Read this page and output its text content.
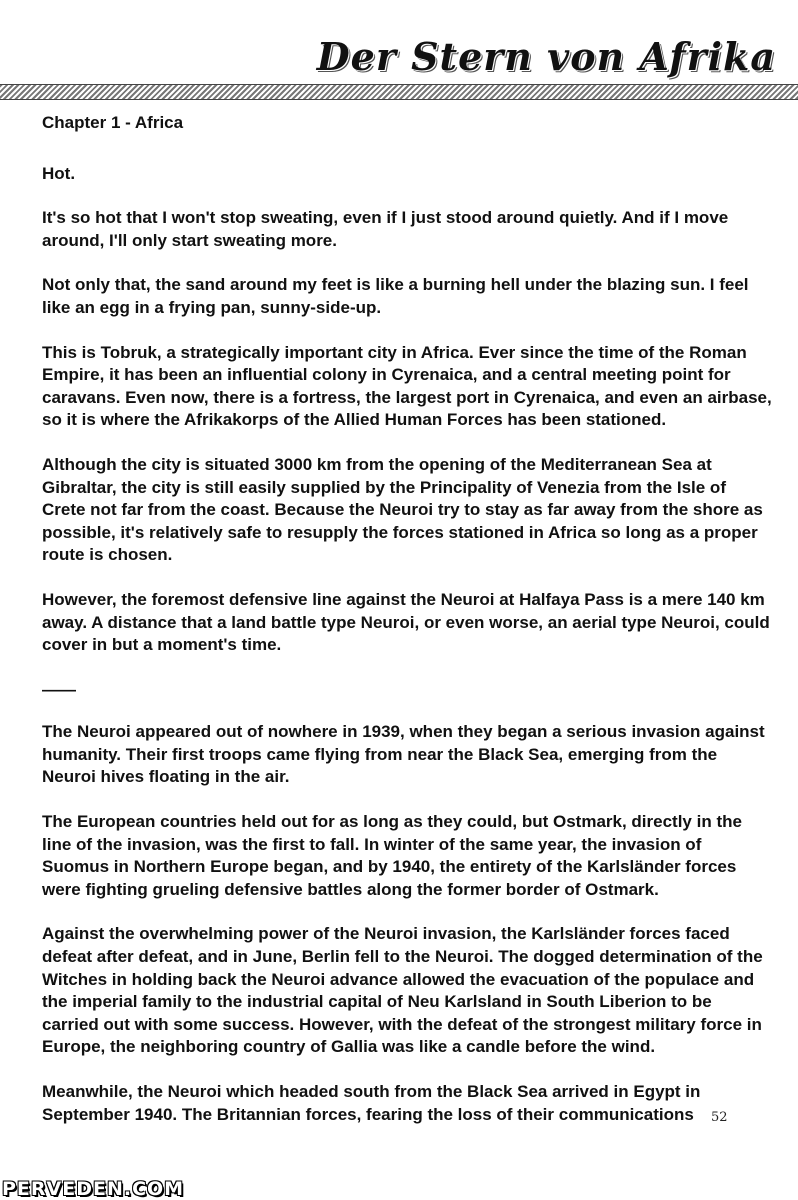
Der Stern von Afrika
Chapter 1 - Africa

Hot.

It's so hot that I won't stop sweating, even if I just stood around quietly. And if I move around, I'll only start sweating more.

Not only that, the sand around my feet is like a burning hell under the blazing sun. I feel like an egg in a frying pan, sunny-side-up.

This is Tobruk, a strategically important city in Africa. Ever since the time of the Roman Empire, it has been an influential colony in Cyrenaica, and a central meeting point for caravans. Even now, there is a fortress, the largest port in Cyrenaica, and even an airbase, so it is where the Afrikakorps of the Allied Human Forces has been stationed.

Although the city is situated 3000 km from the opening of the Mediterranean Sea at Gibraltar, the city is still easily supplied by the Principality of Venezia from the Isle of Crete not far from the coast. Because the Neuroi try to stay as far away from the shore as possible, it's relatively safe to resupply the forces stationed in Africa so long as a proper route is chosen.

However, the foremost defensive line against the Neuroi at Halfaya Pass is a mere 140 km away. A distance that a land battle type Neuroi, or even worse, an aerial type Neuroi, could cover in but a moment's time.

——

The Neuroi appeared out of nowhere in 1939, when they began a serious invasion against humanity. Their first troops came flying from near the Black Sea, emerging from the Neuroi hives floating in the air.

The European countries held out for as long as they could, but Ostmark, directly in the line of the invasion, was the first to fall. In winter of the same year, the invasion of Suomus in Northern Europe began, and by 1940, the entirety of the Karlsländer forces were fighting grueling defensive battles along the former border of Ostmark.

Against the overwhelming power of the Neuroi invasion, the Karlsländer forces faced defeat after defeat, and in June, Berlin fell to the Neuroi. The dogged determination of the Witches in holding back the Neuroi advance allowed the evacuation of the populace and the imperial family to the industrial capital of Neu Karlsland in South Liberion to be carried out with some success. However, with the defeat of the strongest military force in Europe, the neighboring country of Gallia was like a candle before the wind.

Meanwhile, the Neuroi which headed south from the Black Sea arrived in Egypt in September 1940. The Britannian forces, fearing the loss of their communications	52
PERVEDEN.COM
